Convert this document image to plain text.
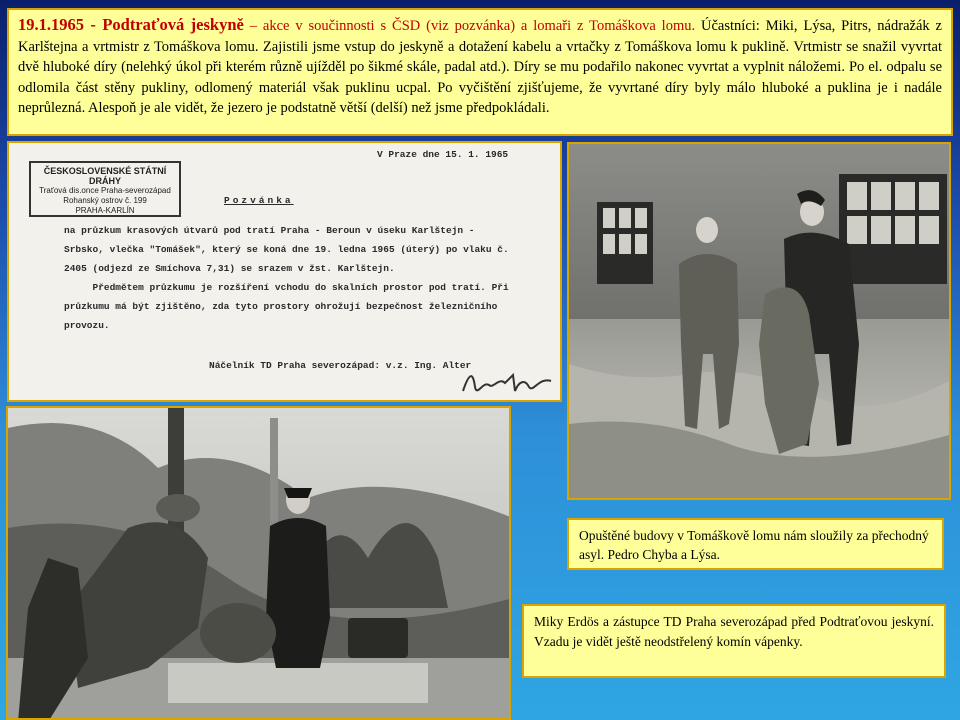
19.1.1965 - Podtraťová jeskyně – akce v součinnosti s ČSD (viz pozvánka) a lomaři z Tomáškova lomu. Účastníci: Miki, Lýsa, Pitrs, nádražák z Karlštejna a vrtmistr z Tomáškova lomu. Zajistili jsme vstup do jeskyně a dotažení kabelu a vrtačky z Tomáškova lomu k puklině. Vrtmistr se snažil vyvrtat dvě hluboké díry (nelehký úkol při kterém různě ujížděl po šikmé skále, padal atd.). Díry se mu podařilo nakonec vyvrtat a vyplnit náložemi. Po el. odpalu se odlomila část stěny pukliny, odlomený materiál však puklinu ucpal. Po vyčištění zjišťujeme, že vyvrtané díry byly málo hluboké a puklina je i nadále neprůlezná. Alespoň je ale vidět, že jezero je podstatně větší (delší) než jsme předpokládali.
ČESKOSLOVENSKÉ STÁTNÍ DRÁHY
Traťová dis.once Praha-severozápad
Rohanský ostrov č. 199
PRAHA-KARLÍN
V Praze dne 15. 1. 1965
Pozvánka

na průzkum krasových útvarů pod tratí Praha - Beroun v úseku Karlštejn -

Srbsko, vlečka "Tomášek", který se koná dne 19. ledna 1965 (úterý) po vlaku č.

2405 (odjezd ze Smíchova 7,31) se srazem v žst. Karlštejn.

Předmětem průzkumu je rozšíření vchodu do skalních prostor pod tratí. Při

průzkumu má být zjištěno, zda tyto prostory ohrožují bezpečnost železničního

provozu.

Náčelník TD Praha severozápad: v.z. Ing. Alter
Opuštěné budovy v Tomáškově lomu nám sloužily za přechodný asyl. Pedro Chyba a Lýsa.
Miky Erdös a zástupce TD Praha severozápad před Podtraťovou jeskyní. Vzadu je vidět ještě neodstřelený komín vápenky.
